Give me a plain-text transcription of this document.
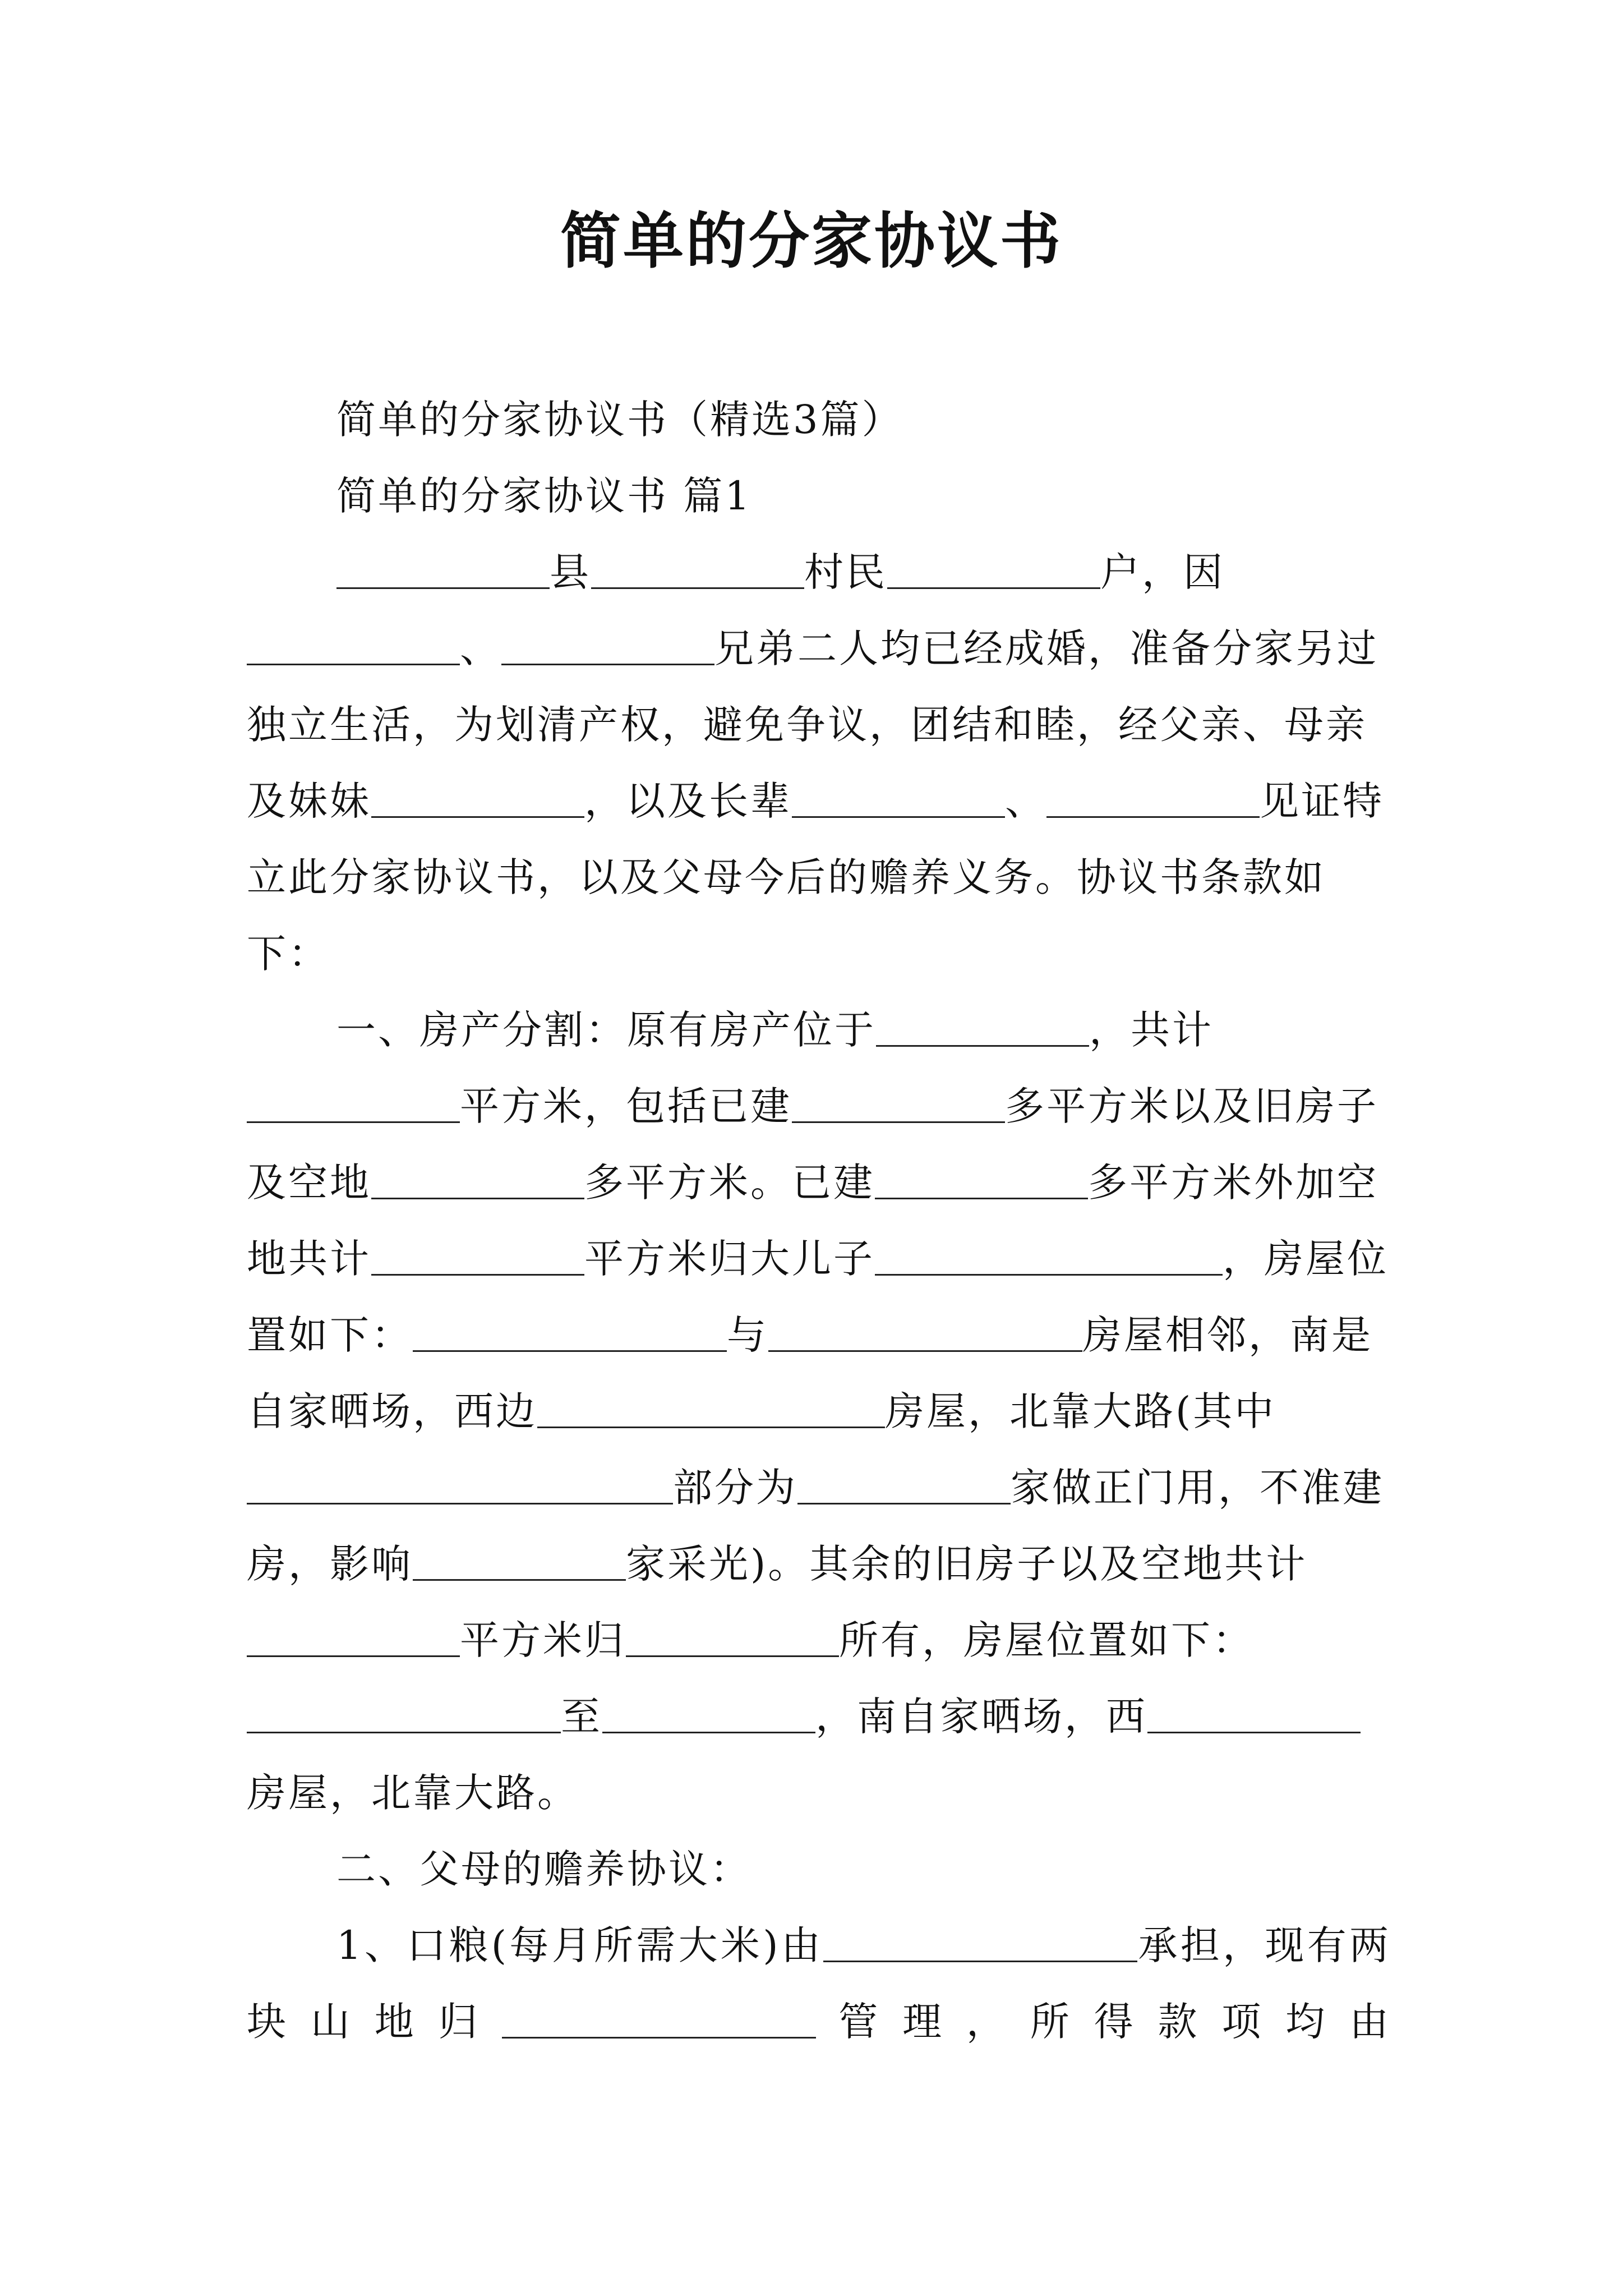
简单的分家协议书

简单的分家协议书（精选3篇）

简单的分家协议书 篇1

县	村民	户，因、	兄弟二人均已经成婚，准备分家另过独立生活，为划清产权，避免争议，团结和睦，经父亲、母亲及妹妹	，以及长辈	、	见证特立此分家协议书，以及父母今后的赡养义务。协议书条款如下：

一、房产分割：原有房产位于	，共计平方米，包括已建	多平方米以及旧房子及空地	多平方米。已建	多平方米外加空地共计	平方米归大儿子	，房屋位置如下：	与	房屋相邻，南是自家晒场，西边	房屋，北靠大路(其中部分为	家做正门用，不准建房，影响	家采光)。其余的旧房子以及空地共计平方米归	所有，房屋位置如下：至	，南自家晒场，西房屋，北靠大路。

二、父母的赡养协议：

1、口粮(每月所需大米)由	承担，现有两块山地归	管理，所得款项均由
